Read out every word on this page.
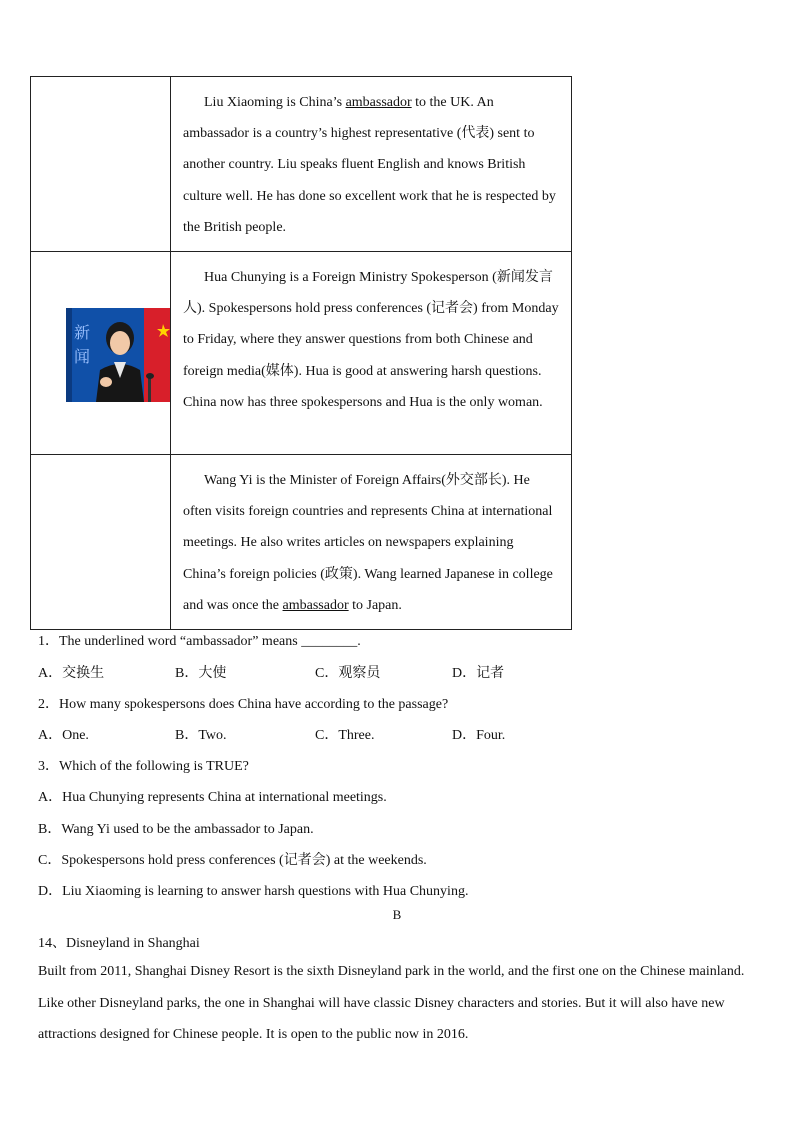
	Liu Xiaoming is China’s ambassador to the UK. An ambassador is a country’s highest representative (代表) sent to another country. Liu speaks fluent English and knows British culture well. He has done so excellent work that he is respected by the British people.

新
闻	Hua Chunying is a Foreign Ministry Spokesperson (新闻发言人). Spokespersons hold press conferences (记者会) from Monday to Friday, where they answer questions from both Chinese and foreign media(媒体). Hua is good at answering harsh questions. China now has three spokespersons and Hua is the only woman.

	Wang Yi is the Minister of Foreign Affairs(外交部长). He often visits foreign countries and represents China at international meetings. He also writes articles on newspapers explaining China’s foreign policies (政策). Wang learned Japanese in college and was once the ambassador to Japan.

1．The underlined word “ambassador” means ________.
A．交换生	B．大使	C．观察员	D．记者
2．How many spokespersons does China have according to the passage?
A．One.	B．Two.	C．Three.	D．Four.
3．Which of the following is TRUE?
A．Hua Chunying represents China at international meetings.
B．Wang Yi used to be the ambassador to Japan.
C．Spokespersons hold press conferences (记者会) at the weekends.
D．Liu Xiaoming is learning to answer harsh questions with Hua Chunying.
B
14、Disneyland in Shanghai
Built from 2011, Shanghai Disney Resort is the sixth Disneyland park in the world, and the first one on the Chinese mainland. Like other Disneyland parks, the one in Shanghai will have classic Disney characters and stories. But it will also have new attractions designed for Chinese people. It is open to the public now in 2016.
